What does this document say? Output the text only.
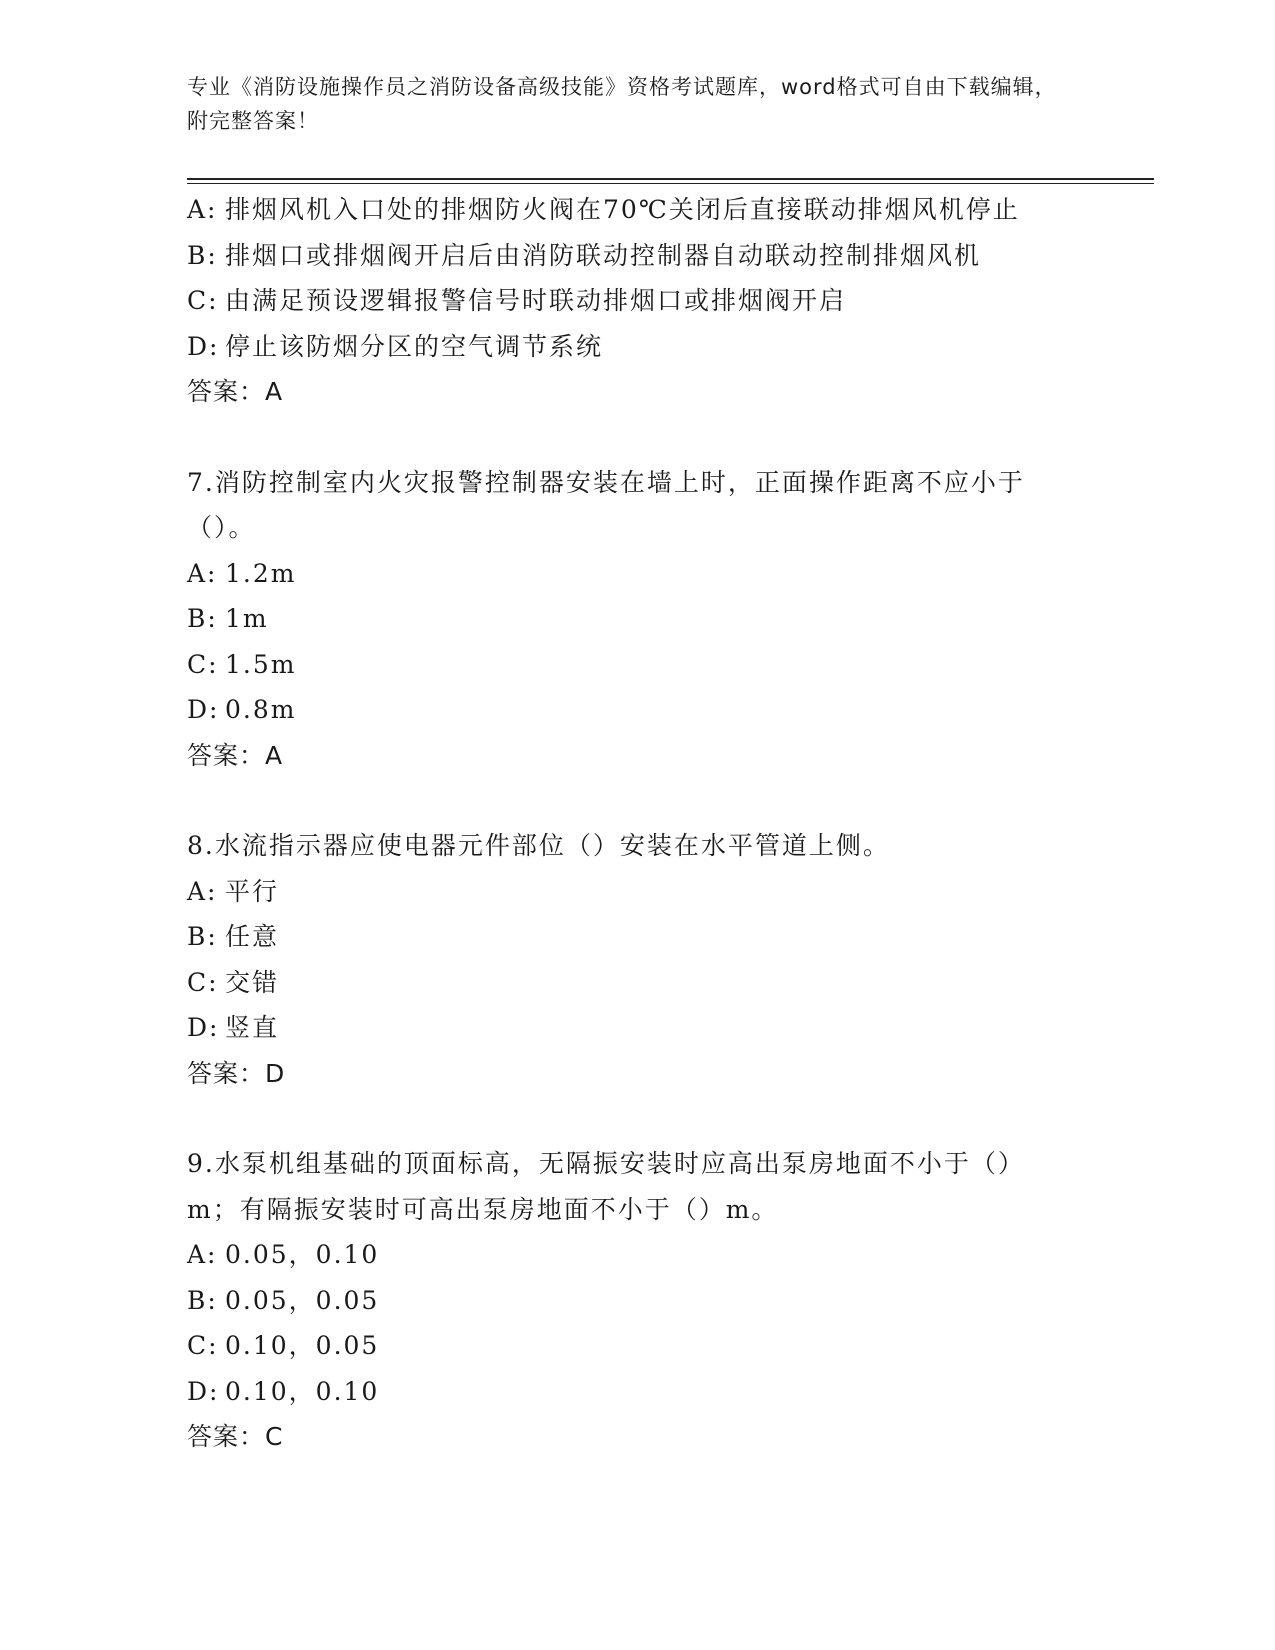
专业《消防设施操作员之消防设备高级技能》资格考试题库，word格式可自由下载编辑，附完整答案！
A: 排烟风机入口处的排烟防火阀在70℃关闭后直接联动排烟风机停止
B: 排烟口或排烟阀开启后由消防联动控制器自动联动控制排烟风机
C: 由满足预设逻辑报警信号时联动排烟口或排烟阀开启
D: 停止该防烟分区的空气调节系统
答案：A
7.消防控制室内火灾报警控制器安装在墙上时，正面操作距离不应小于（）。
A: 1.2m
B: 1m
C: 1.5m
D: 0.8m
答案：A
8.水流指示器应使电器元件部位（）安装在水平管道上侧。
A: 平行
B: 任意
C: 交错
D: 竖直
答案：D
9.水泵机组基础的顶面标高，无隔振安装时应高出泵房地面不小于（）m；有隔振安装时可高出泵房地面不小于（）m。
A: 0.05，0.10
B: 0.05，0.05
C: 0.10，0.05
D: 0.10，0.10
答案：C
